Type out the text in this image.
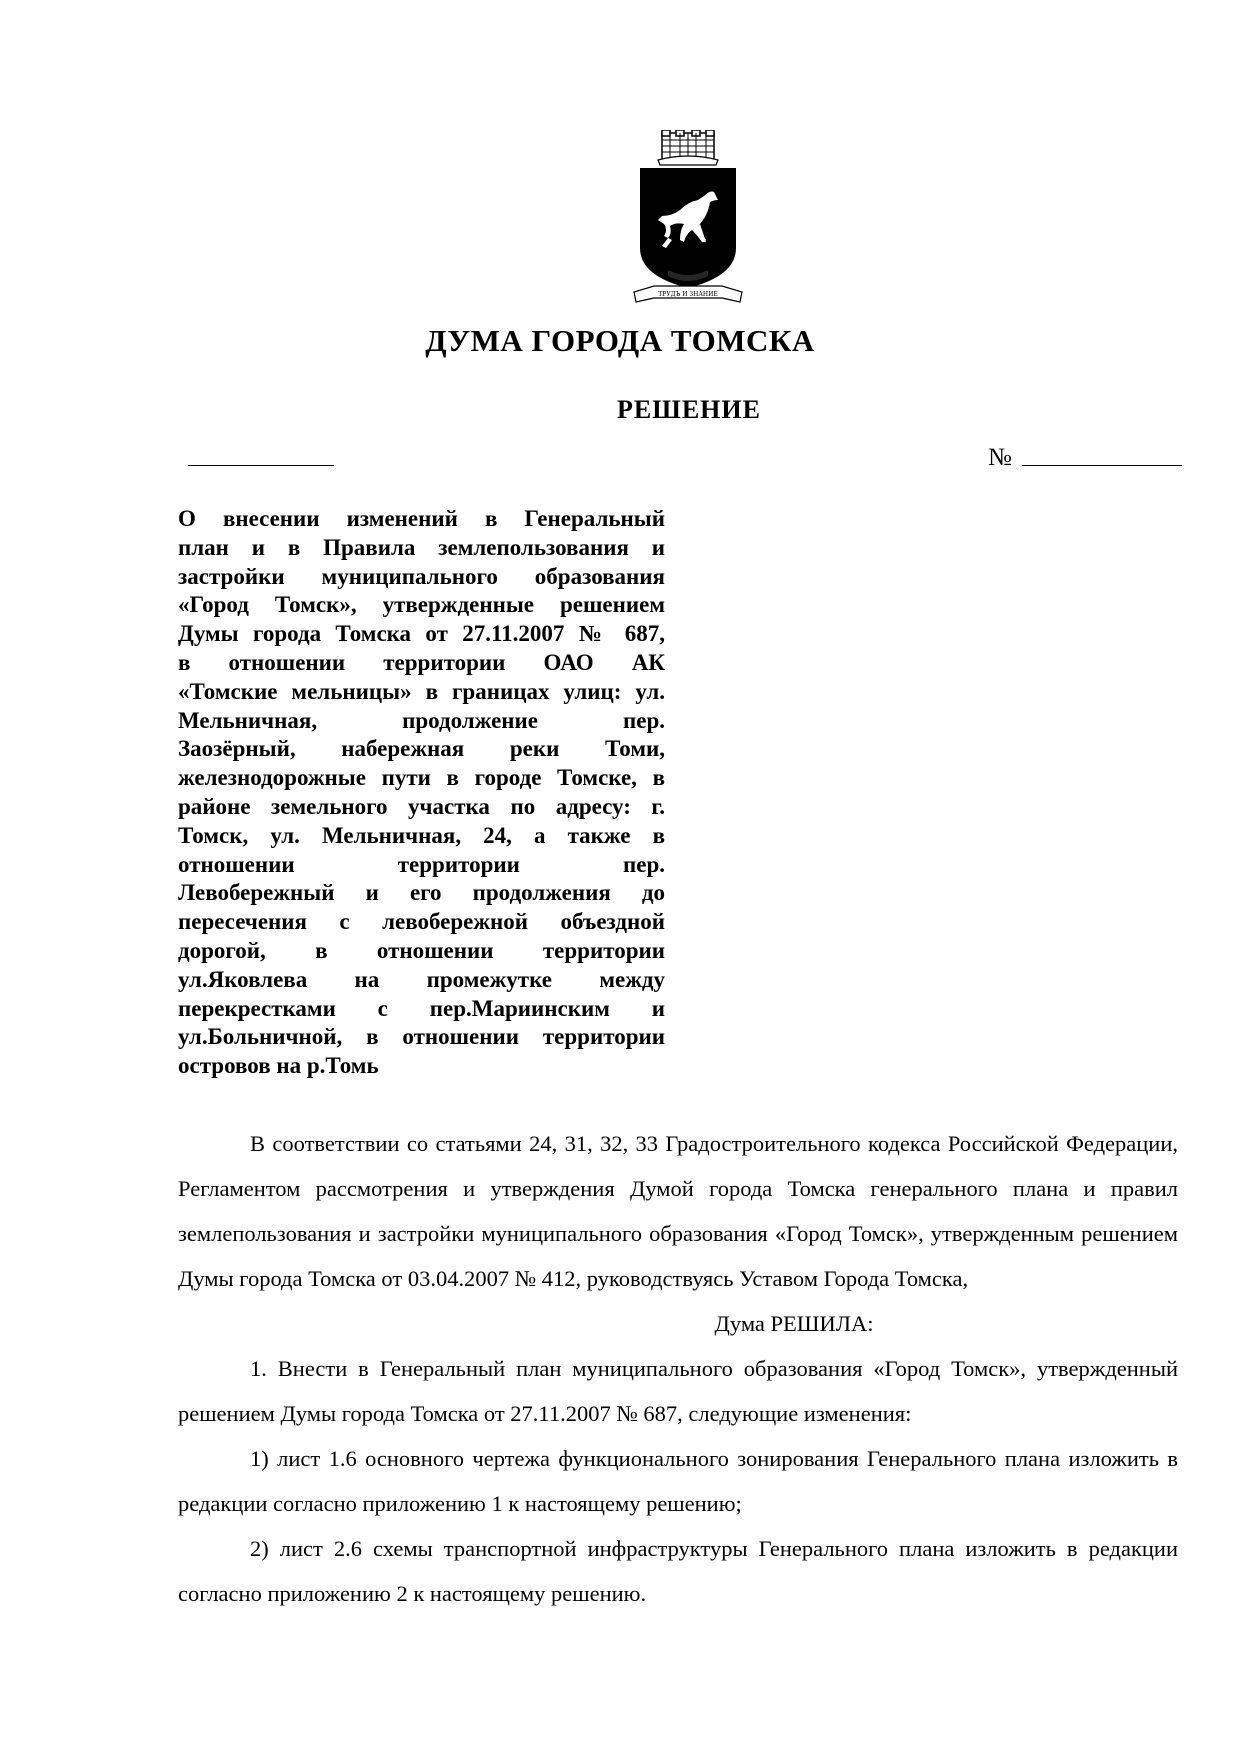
ТРУДЪ И ЗНАНИЕ
ДУМА ГОРОДА ТОМСКА
РЕШЕНИЕ
№
О внесении изменений в Генеральный
план и в Правила землепользования и
застройки муниципального образования
«Город Томск», утвержденные решением
Думы города Томска от 27.11.2007 № 687,
в отношении территории ОАО АК
«Томские мельницы» в границах улиц: ул.
Мельничная, продолжение пер.
Заозёрный, набережная реки Томи,
железнодорожные пути в городе Томске, в
районе земельного участка по адресу: г.
Томск, ул. Мельничная, 24, а также в
отношении территории пер.
Левобережный и его продолжения до
пересечения с левобережной объездной
дорогой, в отношении территории
ул.Яковлева на промежутке между
перекрестками с пер.Мариинским и
ул.Больничной, в отношении территории
островов на р.Томь

В соответствии со статьями 24, 31, 32, 33 Градостроительного кодекса Российской Федерации, Регламентом рассмотрения и утверждения Думой города Томска генерального плана и правил землепользования и застройки муниципального образования «Город Томск», утвержденным решением Думы города Томска от 03.04.2007 № 412, руководствуясь Уставом Города Томска,

Дума РЕШИЛА:

1. Внести в Генеральный план муниципального образования «Город Томск», утвержденный решением Думы города Томска от 27.11.2007 № 687, следующие изменения:

1) лист 1.6 основного чертежа функционального зонирования Генерального плана изложить в редакции согласно приложению 1 к настоящему решению;

2) лист 2.6 схемы транспортной инфраструктуры Генерального плана изложить в редакции согласно приложению 2 к настоящему решению.
